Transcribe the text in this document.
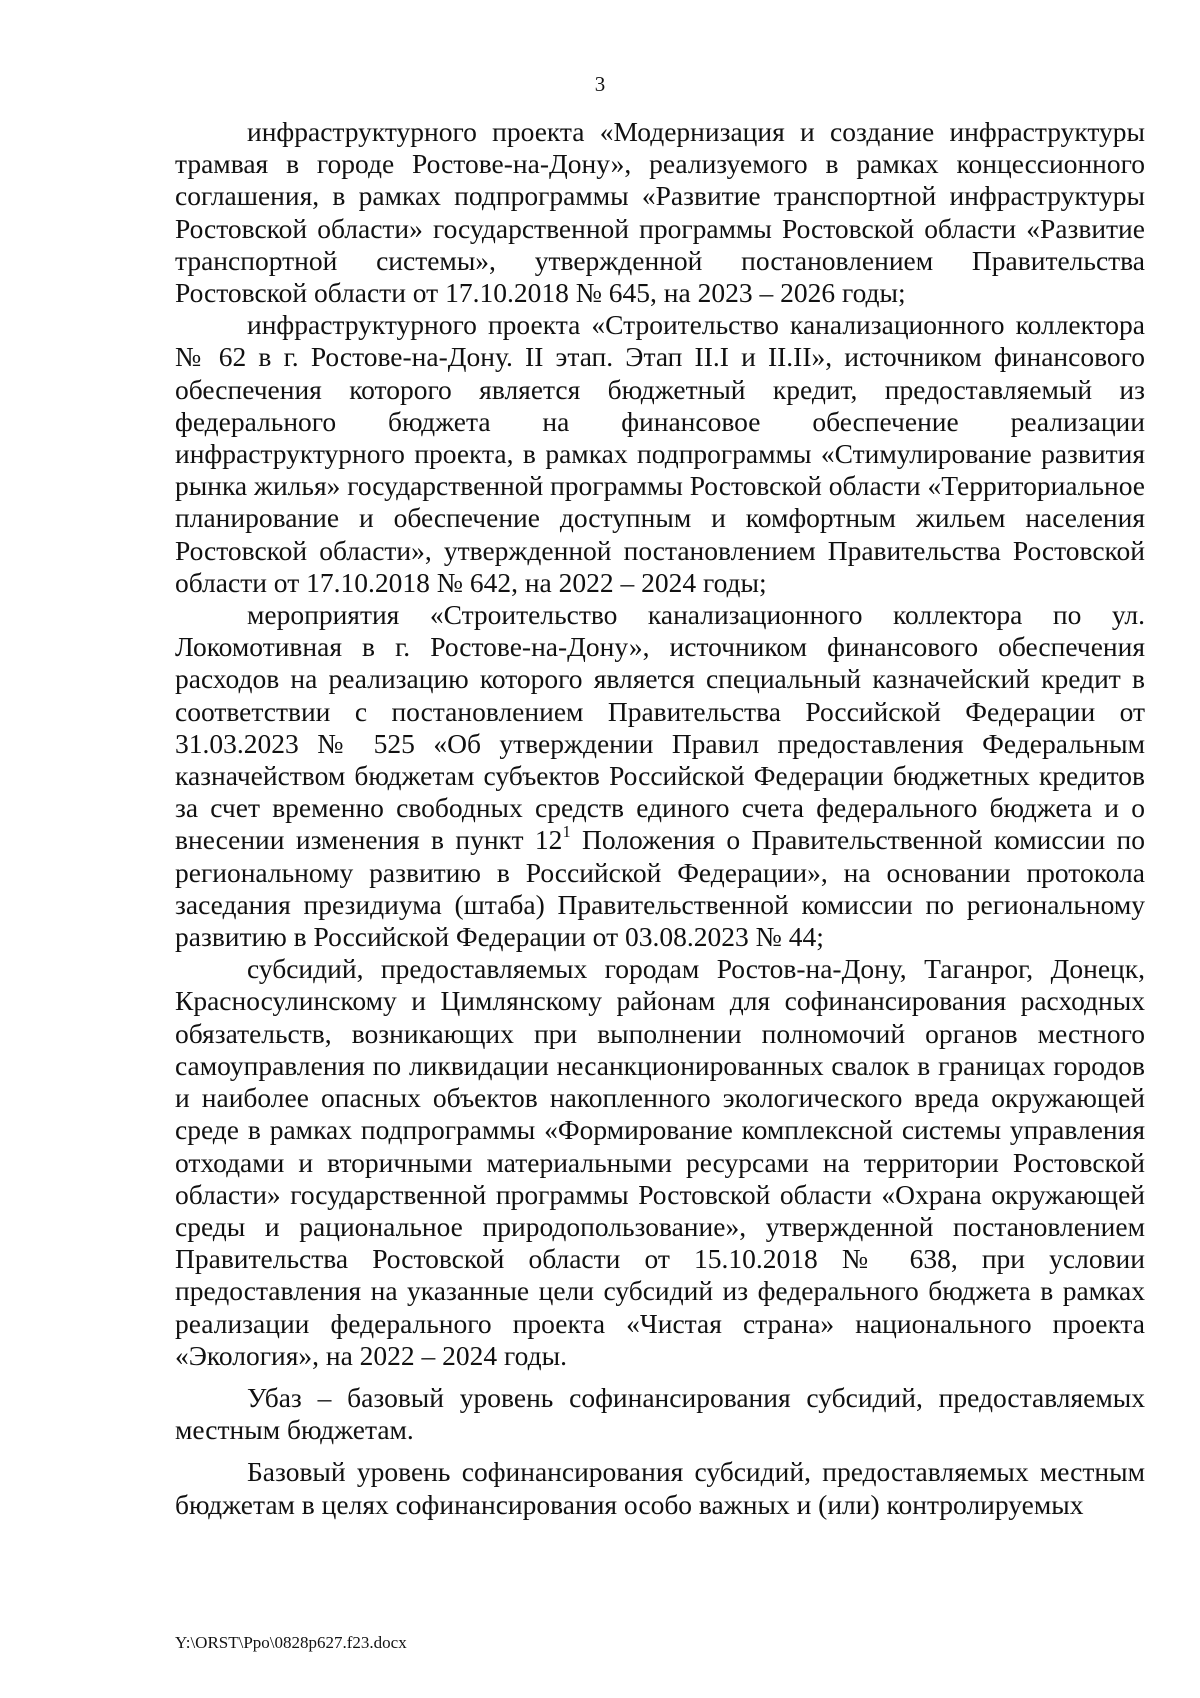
3

инфраструктурного проекта «Модернизация и создание инфраструктуры трамвая в городе Ростове-на-Дону», реализуемого в рамках концессионного соглашения, в рамках подпрограммы «Развитие транспортной инфраструктуры Ростовской области» государственной программы Ростовской области «Развитие транспортной системы», утвержденной постановлением Правительства Ростовской области от 17.10.2018 № 645, на 2023 – 2026 годы;

инфраструктурного проекта «Строительство канализационного коллектора № 62 в г. Ростове-на-Дону. II этап. Этап II.I и II.II», источником финансового обеспечения которого является бюджетный кредит, предоставляемый из федерального бюджета на финансовое обеспечение реализации инфраструктурного проекта, в рамках подпрограммы «Стимулирование развития рынка жилья» государственной программы Ростовской области «Территориальное планирование и обеспечение доступным и комфортным жильем населения Ростовской области», утвержденной постановлением Правительства Ростовской области от 17.10.2018 № 642, на 2022 – 2024 годы;

мероприятия «Строительство канализационного коллектора по ул. Локомотивная в г. Ростове-на-Дону», источником финансового обеспечения расходов на реализацию которого является специальный казначейский кредит в соответствии с постановлением Правительства Российской Федерации от 31.03.2023 № 525 «Об утверждении Правил предоставления Федеральным казначейством бюджетам субъектов Российской Федерации бюджетных кредитов за счет временно свободных средств единого счета федерального бюджета и о внесении изменения в пункт $12^1$ Положения о Правительственной комиссии по региональному развитию в Российской Федерации», на основании протокола заседания президиума (штаба) Правительственной комиссии по региональному развитию в Российской Федерации от 03.08.2023 № 44;

субсидий, предоставляемых городам Ростов-на-Дону, Таганрог, Донецк, Красносулинскому и Цимлянскому районам для софинансирования расходных обязательств, возникающих при выполнении полномочий органов местного самоуправления по ликвидации несанкционированных свалок в границах городов и наиболее опасных объектов накопленного экологического вреда окружающей среде в рамках подпрограммы «Формирование комплексной системы управления отходами и вторичными материальными ресурсами на территории Ростовской области» государственной программы Ростовской области «Охрана окружающей среды и рациональное природопользование», утвержденной постановлением Правительства Ростовской области от 15.10.2018 № 638, при условии предоставления на указанные цели субсидий из федерального бюджета в рамках реализации федерального проекта «Чистая страна» национального проекта «Экология», на 2022 – 2024 годы.

Убаз – базовый уровень софинансирования субсидий, предоставляемых местным бюджетам.

Базовый уровень софинансирования субсидий, предоставляемых местным бюджетам в целях софинансирования особо важных и (или) контролируемых

Y:\ORST\Ppo\0828p627.f23.docx
